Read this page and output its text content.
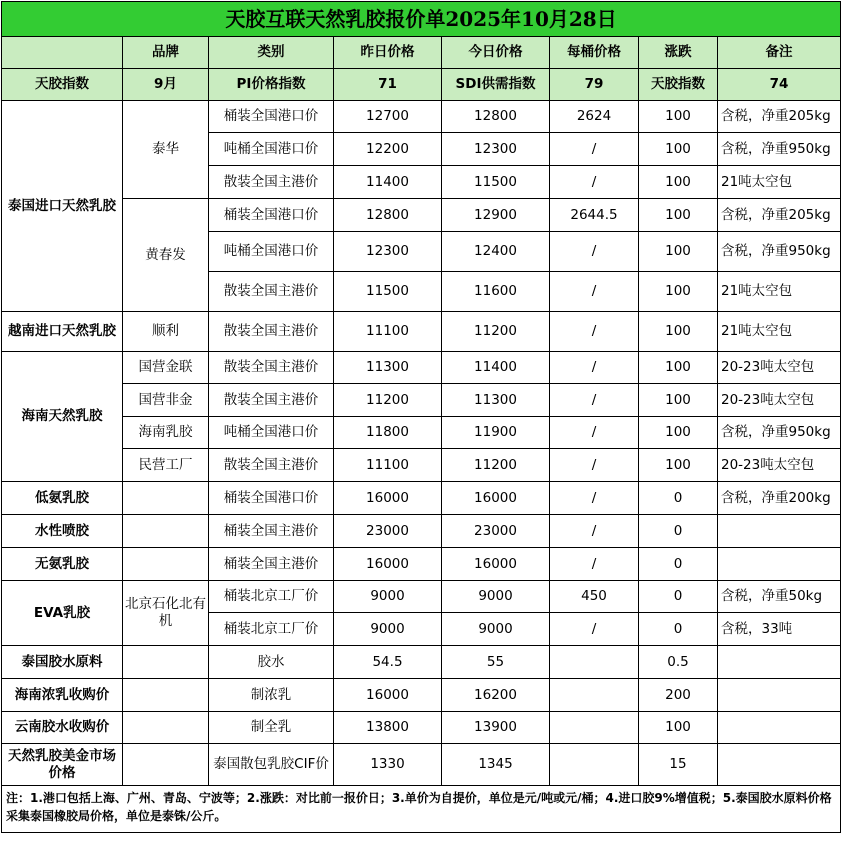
天胶互联天然乳胶报价单2025年10月28日							
	品牌	类别	昨日价格	今日价格	每桶价格	涨跌	备注
天胶指数	9月	PI价格指数	71	SDI供需指数	79	天胶指数	74
泰国进口天然乳胶	泰华	桶装全国港口价	12700	12800	2624	100	含税，净重205kg
		吨桶全国港口价	12200	12300	/	100	含税，净重950kg
		散装全国主港价	11400	11500	/	100	21吨太空包
	黄春发	桶装全国港口价	12800	12900	2644.5	100	含税，净重205kg
		吨桶全国港口价	12300	12400	/	100	含税，净重950kg
		散装全国主港价	11500	11600	/	100	21吨太空包
越南进口天然乳胶	顺利	散装全国主港价	11100	11200	/	100	21吨太空包
海南天然乳胶	国营金联	散装全国主港价	11300	11400	/	100	20-23吨太空包
	国营非金	散装全国主港价	11200	11300	/	100	20-23吨太空包
	海南乳胶	吨桶全国港口价	11800	11900	/	100	含税，净重950kg
	民营工厂	散装全国主港价	11100	11200	/	100	20-23吨太空包
低氨乳胶		桶装全国港口价	16000	16000	/	0	含税，净重200kg
水性喷胶		桶装全国主港价	23000	23000	/	0	
无氨乳胶		桶装全国主港价	16000	16000	/	0	
EVA乳胶	北京石化北有机	桶装北京工厂价	9000	9000	450	0	含税，净重50kg
		桶装北京工厂价	9000	9000	/	0	含税，33吨
泰国胶水原料		胶水	54.5	55		0.5	
海南浓乳收购价		制浓乳	16000	16200		200	
云南胶水收购价		制全乳	13800	13900		100	
天然乳胶美金市场价格		泰国散包乳胶CIF价	1330	1345		15	
注：1.港口包括上海、广州、青岛、宁波等；2.涨跌：对比前一报价日；3.单价为自提价，单位是元/吨或元/桶；4.进口胶9%增值税；5.泰国胶水原料价格采集泰国橡胶局价格，单位是泰铢/公斤。							
